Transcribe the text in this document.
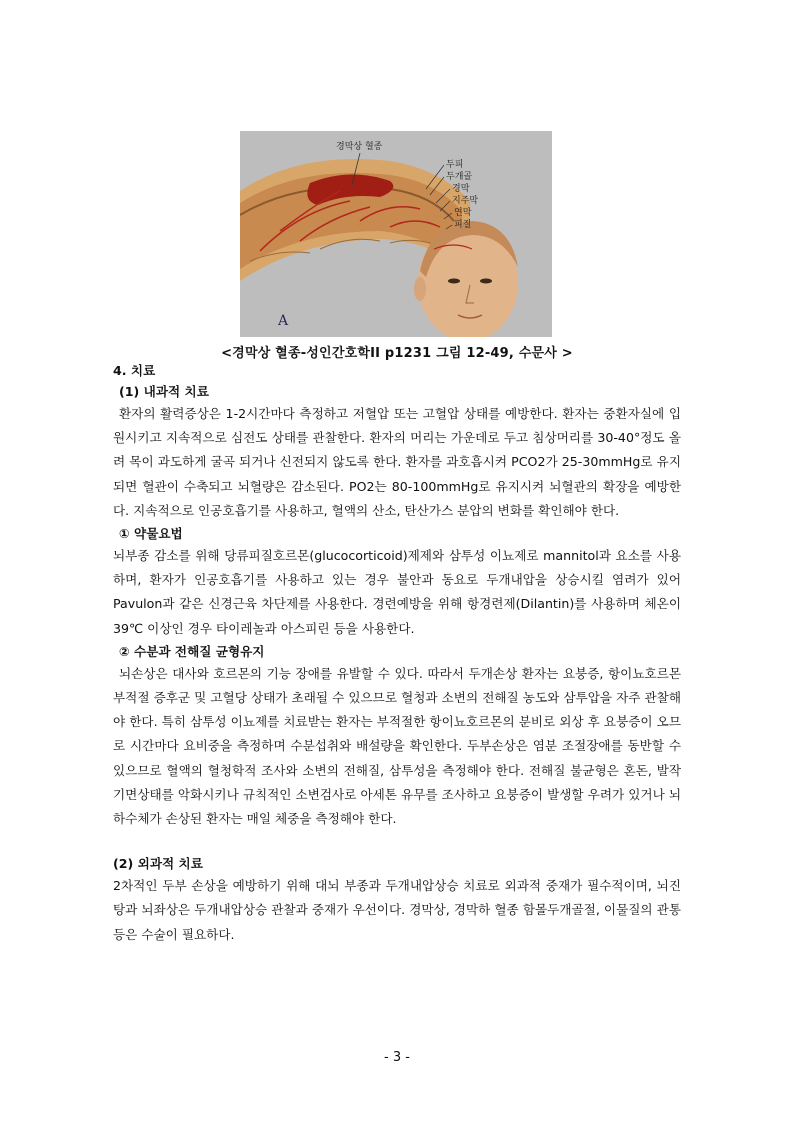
경막상 혈종
두피
두개골
경막
지주막
연막
피질
A
<경막상 혈종-성인간호학II p1231 그림 12-49, 수문사 >
4. 치료
(1) 내과적 치료

환자의 활력증상은 1-2시간마다 측정하고 저혈압 또는 고혈압 상태를 예방한다. 환자는 중환자실에 입원시키고 지속적으로 심전도 상태를 관찰한다. 환자의 머리는 가운데로 두고 침상머리를 30-40°정도 올려 목이 과도하게 굴곡 되거나 신전되지 않도록 한다. 환자를 과호흡시켜 PCO2가 25-30mmHg로 유지되면 혈관이 수축되고 뇌혈량은 감소된다. PO2는 80-100mmHg로 유지시켜 뇌혈관의 확장을 예방한다. 지속적으로 인공호흡기를 사용하고, 혈액의 산소, 탄산가스 분압의 변화를 확인해야 한다.

① 약물요법

뇌부종 감소를 위해 당류피질호르몬(glucocorticoid)제제와 삼투성 이뇨제로 mannitol과 요소를 사용하며, 환자가 인공호흡기를 사용하고 있는 경우 불안과 동요로 두개내압을 상승시킬 염려가 있어 Pavulon과 같은 신경근육 차단제를 사용한다. 경련예방을 위해 항경련제(Dilantin)를 사용하며 체온이 39℃ 이상인 경우 타이레놀과 아스피린 등을 사용한다.

② 수분과 전해질 균형유지

뇌손상은 대사와 호르몬의 기능 장애를 유발할 수 있다. 따라서 두개손상 환자는 요붕증, 항이뇨호르몬 부적절 증후군 및 고혈당 상태가 초래될 수 있으므로 혈청과 소변의 전해질 농도와 삼투압을 자주 관찰해야 한다. 특히 삼투성 이뇨제를 치료받는 환자는 부적절한 항이뇨호르몬의 분비로 외상 후 요붕증이 오므로 시간마다 요비중을 측정하며 수분섭취와 배설량을 확인한다. 두부손상은 염분 조절장애를 동반할 수 있으므로 혈액의 혈청학적 조사와 소변의 전해질, 삼투성을 측정해야 한다. 전해질 불균형은 혼돈, 발작 기면상태를 악화시키나 규칙적인 소변검사로 아세톤 유무를 조사하고 요붕증이 발생할 우려가 있거나 뇌하수체가 손상된 환자는 매일 체중을 측정해야 한다.

(2) 외과적 치료

2차적인 두부 손상을 예방하기 위해 대뇌 부종과 두개내압상승 치료로 외과적 중재가 필수적이며, 뇌진탕과 뇌좌상은 두개내압상승 관찰과 중재가 우선이다. 경막상, 경막하 혈종 함몰두개골절, 이물질의 관통 등은 수술이 필요하다.

- 3 -
